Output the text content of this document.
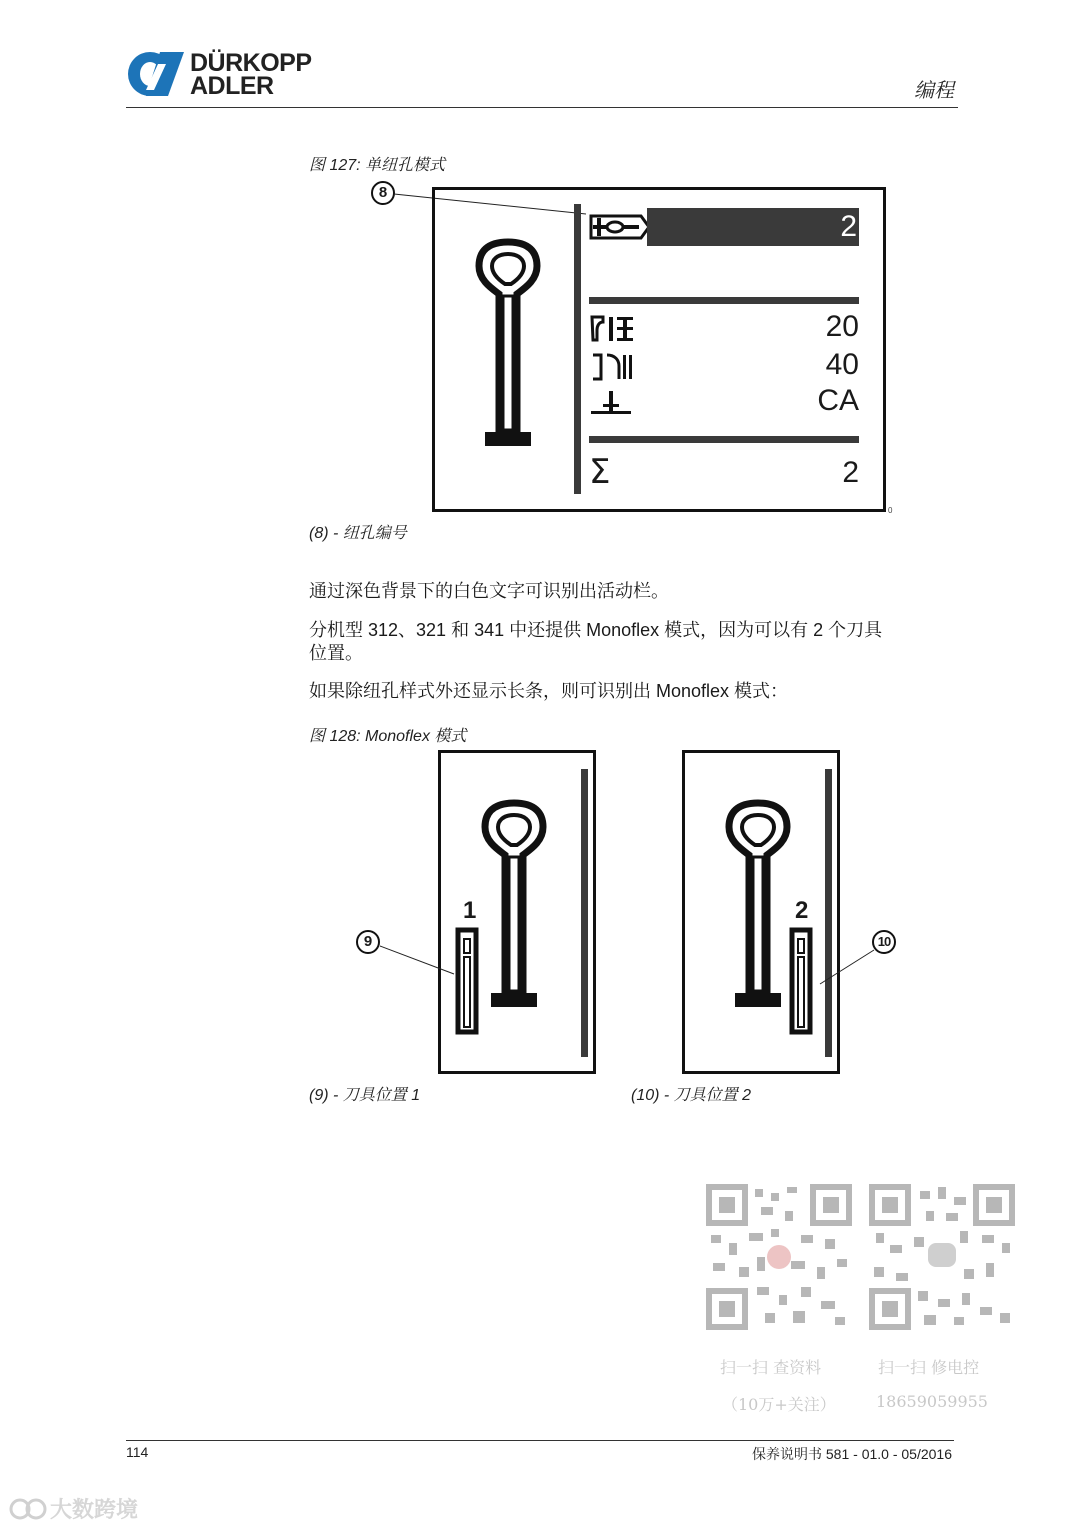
DÜRKOPP
ADLER	编程
图 127: 单纽孔模式
8
2
20
40
CA
Σ	2
0
(8) - 纽孔编号
通过深色背景下的白色文字可识别出活动栏。
分机型 312、321 和 341 中还提供 Monoflex 模式，因为可以有 2 个刀具
位置。
如果除纽孔样式外还显示长条，则可识别出 Monoflex 模式：
图 128: Monoflex 模式
1
9
2
10
(9) - 刀具位置 1	(10) - 刀具位置 2
扫一扫 查资料
（10万+关注）
扫一扫 修电控
18659059955
114	保养说明书 581 - 01.0 - 05/2016
大数跨境
